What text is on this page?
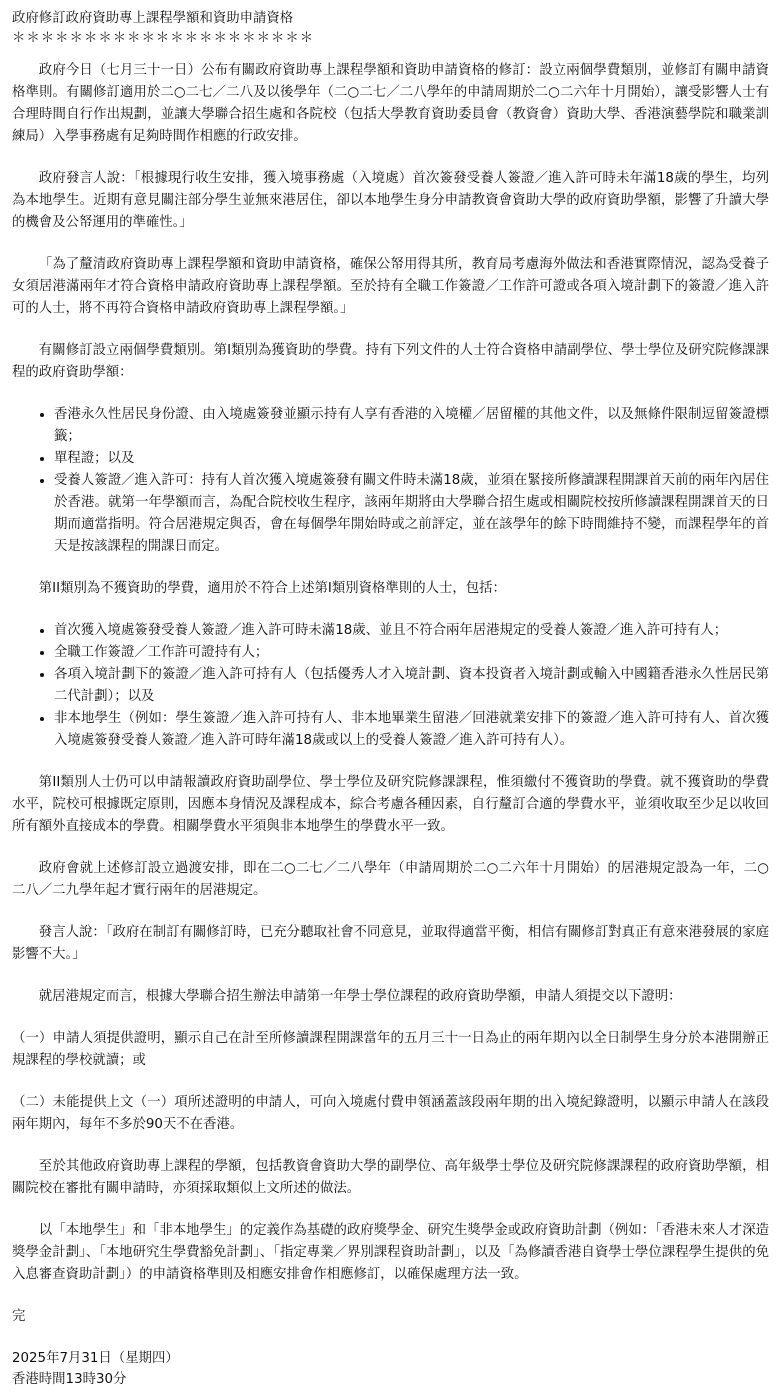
政府修訂政府資助專上課程學額和資助申請資格
＊＊＊＊＊＊＊＊＊＊＊＊＊＊＊＊＊＊＊＊＊

政府今日（七月三十一日）公布有關政府資助專上課程學額和資助申請資格的修訂：設立兩個學費類別，並修訂有關申請資格準則。有關修訂適用於二○二七／二八及以後學年（二○二七／二八學年的申請周期於二○二六年十月開始），讓受影響人士有合理時間自行作出規劃，並讓大學聯合招生處和各院校（包括大學教育資助委員會（教資會）資助大學、香港演藝學院和職業訓練局）入學事務處有足夠時間作相應的行政安排。

政府發言人說：「根據現行收生安排，獲入境事務處（入境處）首次簽發受養人簽證／進入許可時未年滿18歲的學生，均列為本地學生。近期有意見關注部分學生並無來港居住，卻以本地學生身分申請教資會資助大學的政府資助學額，影響了升讀大學的機會及公帑運用的準確性。」

「為了釐清政府資助專上課程學額和資助申請資格，確保公帑用得其所，教育局考慮海外做法和香港實際情況，認為受養子女須居港滿兩年才符合資格申請政府資助專上課程學額。至於持有全職工作簽證／工作許可證或各項入境計劃下的簽證／進入許可的人士，將不再符合資格申請政府資助專上課程學額。」

有關修訂設立兩個學費類別。第I類別為獲資助的學費。持有下列文件的人士符合資格申請副學位、學士學位及研究院修課課程的政府資助學額：

• 香港永久性居民身份證、由入境處簽發並顯示持有人享有香港的入境權／居留權的其他文件，以及無條件限制逗留簽證標籤；
• 單程證；以及
• 受養人簽證／進入許可：持有人首次獲入境處簽發有關文件時未滿18歲，並須在緊接所修讀課程開課首天前的兩年內居住於香港。就第一年學額而言，為配合院校收生程序，該兩年期將由大學聯合招生處或相關院校按所修讀課程開課首天的日期而適當指明。符合居港規定與否，會在每個學年開始時或之前評定，並在該學年的餘下時間維持不變，而課程學年的首天是按該課程的開課日而定。

第II類別為不獲資助的學費，適用於不符合上述第I類別資格準則的人士，包括：

• 首次獲入境處簽發受養人簽證／進入許可時未滿18歲、並且不符合兩年居港規定的受養人簽證／進入許可持有人；
• 全職工作簽證／工作許可證持有人；
• 各項入境計劃下的簽證／進入許可持有人（包括優秀人才入境計劃、資本投資者入境計劃或輸入中國籍香港永久性居民第二代計劃）；以及
• 非本地學生（例如：學生簽證／進入許可持有人、非本地畢業生留港／回港就業安排下的簽證／進入許可持有人、首次獲入境處簽發受養人簽證／進入許可時年滿18歲或以上的受養人簽證／進入許可持有人）。

第II類別人士仍可以申請報讀政府資助副學位、學士學位及研究院修課課程，惟須繳付不獲資助的學費。就不獲資助的學費水平，院校可根據既定原則，因應本身情況及課程成本，綜合考慮各種因素，自行釐訂合適的學費水平，並須收取至少足以收回所有額外直接成本的學費。相關學費水平須與非本地學生的學費水平一致。

政府會就上述修訂設立過渡安排，即在二○二七／二八學年（申請周期於二○二六年十月開始）的居港規定設為一年，二○二八／二九學年起才實行兩年的居港規定。

發言人說：「政府在制訂有關修訂時，已充分聽取社會不同意見，並取得適當平衡，相信有關修訂對真正有意來港發展的家庭影響不大。」

就居港規定而言，根據大學聯合招生辦法申請第一年學士學位課程的政府資助學額，申請人須提交以下證明：

（一）申請人須提供證明，顯示自己在計至所修讀課程開課當年的五月三十一日為止的兩年期內以全日制學生身分於本港開辦正規課程的學校就讀；或

（二）未能提供上文（一）項所述證明的申請人，可向入境處付費申領涵蓋該段兩年期的出入境紀錄證明，以顯示申請人在該段兩年期內，每年不多於90天不在香港。

至於其他政府資助專上課程的學額，包括教資會資助大學的副學位、高年級學士學位及研究院修課課程的政府資助學額，相關院校在審批有關申請時，亦須採取類似上文所述的做法。

以「本地學生」和「非本地學生」的定義作為基礎的政府獎學金、研究生獎學金或政府資助計劃（例如：「香港未來人才深造獎學金計劃」、「本地研究生學費豁免計劃」、「指定專業／界別課程資助計劃」，以及「為修讀香港自資學士學位課程學生提供的免入息審查資助計劃」）的申請資格準則及相應安排會作相應修訂，以確保處理方法一致。

完
2025年7月31日（星期四）
香港時間13時30分
